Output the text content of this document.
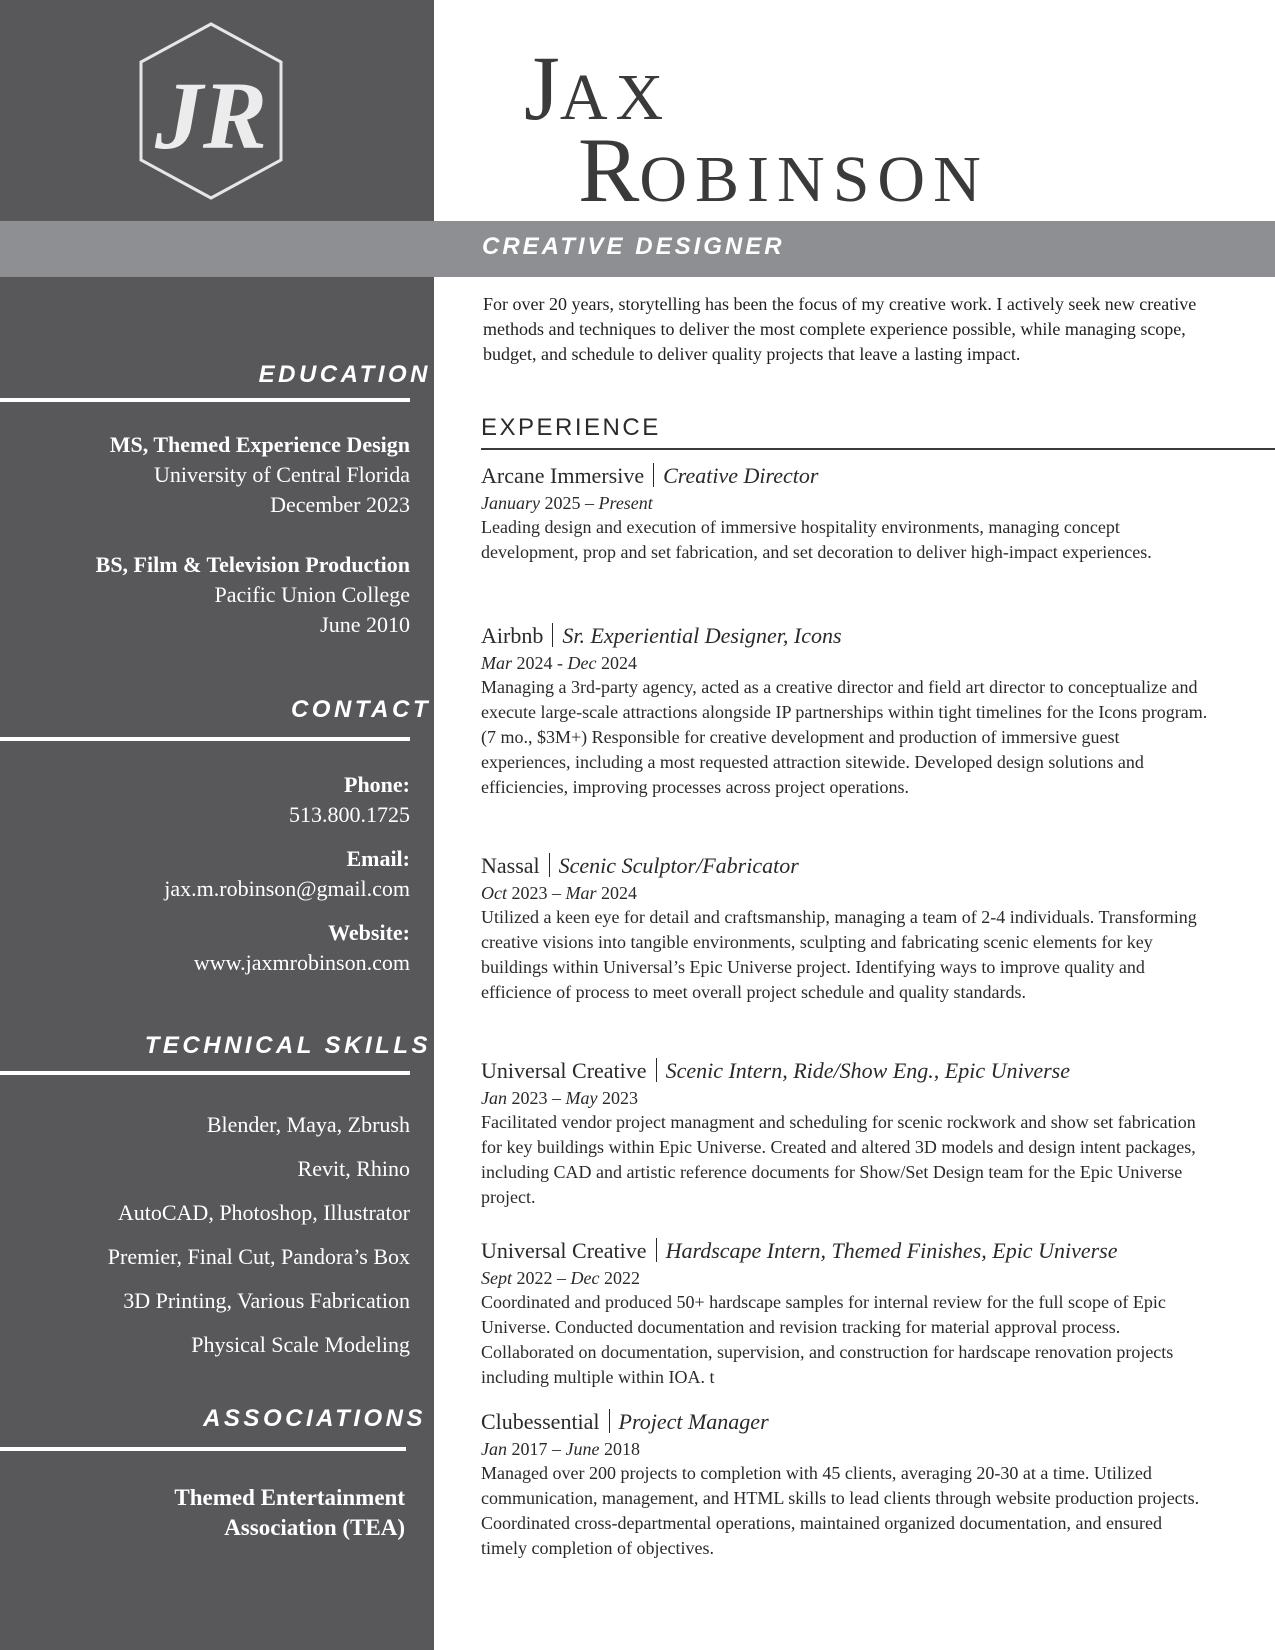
JR	JAX
ROBINSON
CREATIVE DESIGNER
EDUCATION
MS, Themed Experience Design
University of Central Florida
December 2023
BS, Film & Television Production
Pacific Union College
June 2010
CONTACT
Phone:
513.800.1725
Email:
jax.m.robinson@gmail.com
Website:
www.jaxmrobinson.com
TECHNICAL SKILLS
Blender, Maya, Zbrush
Revit, Rhino
AutoCAD, Photoshop, Illustrator
Premier, Final Cut, Pandora’s Box
3D Printing, Various Fabrication
Physical Scale Modeling
ASSOCIATIONS
Themed Entertainment
Association (TEA)
For over 20 years, storytelling has been the focus of my creative work. I actively seek new creative methods and techniques to deliver the most complete experience possible, while managing scope, budget, and schedule to deliver quality projects that leave a lasting impact.
EXPERIENCE
Arcane Immersive Creative Director
January 2025 – Present

Leading design and execution of immersive hospitality environments, managing concept development, prop and set fabrication, and set decoration to deliver high-impact experiences.

Airbnb Sr. Experiential Designer, Icons
Mar 2024 - Dec 2024

Managing a 3rd-party agency, acted as a creative director and field art director to conceptualize and execute large-scale attractions alongside IP partnerships within tight timelines for the Icons program. (7 mo., $3M+) Responsible for creative development and production of immersive guest experiences, including a most requested attraction sitewide. Developed design solutions and efficiencies, improving processes across project operations.

Nassal Scenic Sculptor/Fabricator
Oct 2023 – Mar 2024

Utilized a keen eye for detail and craftsmanship, managing a team of 2-4 individuals. Transforming creative visions into tangible environments, sculpting and fabricating scenic elements for key buildings within Universal’s Epic Universe project. Identifying ways to improve quality and efficience of process to meet overall project schedule and quality standards.

Universal Creative Scenic Intern, Ride/Show Eng., Epic Universe
Jan 2023 – May 2023

Facilitated vendor project managment and scheduling for scenic rockwork and show set fabrication for key buildings within Epic Universe. Created and altered 3D models and design intent packages, including CAD and artistic reference documents for Show/Set Design team for the Epic Universe project.

Universal Creative Hardscape Intern, Themed Finishes, Epic Universe
Sept 2022 – Dec 2022

Coordinated and produced 50+ hardscape samples for internal review for the full scope of Epic Universe. Conducted documentation and revision tracking for material approval process. Collaborated on documentation, supervision, and construction for hardscape renovation projects including multiple within IOA. t

Clubessential Project Manager
Jan 2017 – June 2018

Managed over 200 projects to completion with 45 clients, averaging 20-30 at a time. Utilized communication, management, and HTML skills to lead clients through website production projects. Coordinated cross-departmental operations, maintained organized documentation, and ensured timely completion of objectives.
